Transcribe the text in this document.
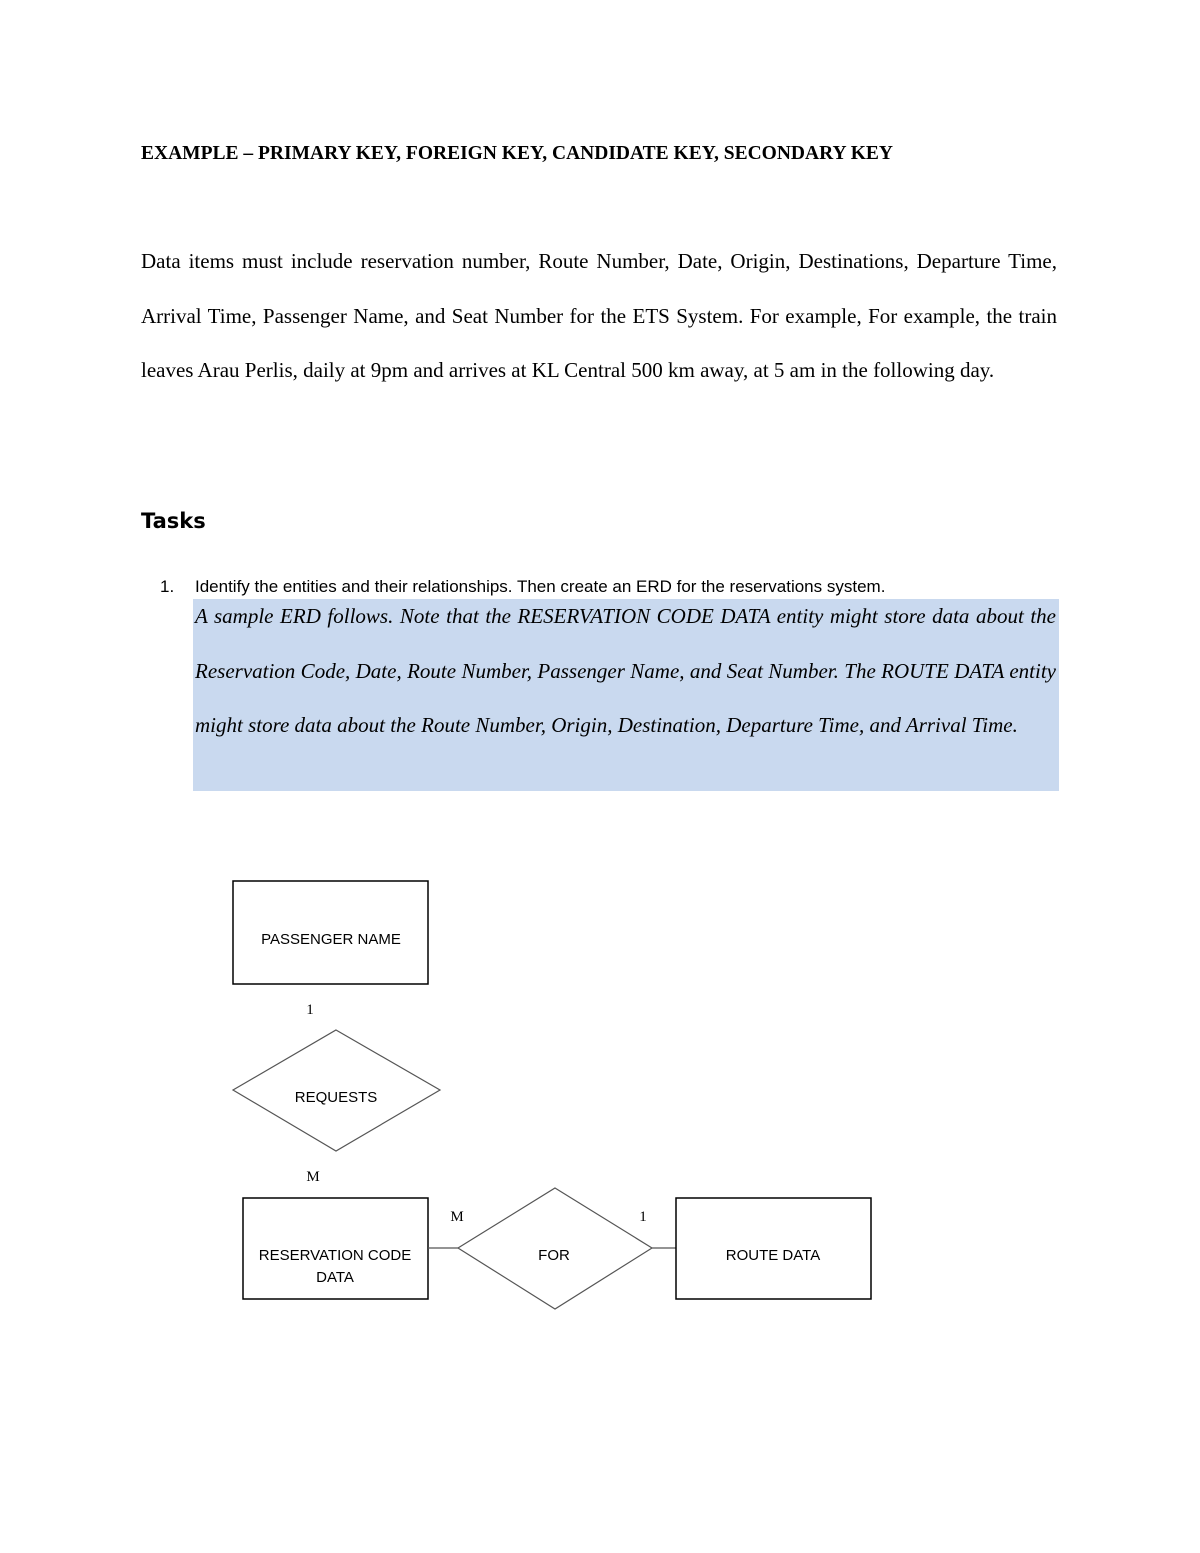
EXAMPLE – PRIMARY KEY, FOREIGN KEY, CANDIDATE KEY, SECONDARY KEY

Data items must include reservation number, Route Number, Date, Origin, Destinations, Departure Time, Arrival Time, Passenger Name, and Seat Number for the ETS System. For example, For example, the train leaves Arau Perlis, daily at 9pm and arrives at KL Central 500 km away, at 5 am in the following day.

Tasks
1. Identify the entities and their relationships. Then create an ERD for the reservations system.

A sample ERD follows. Note that the RESERVATION CODE DATA entity might store data about the Reservation Code, Date, Route Number, Passenger Name, and Seat Number. The ROUTE DATA entity might store data about the Route Number, Origin, Destination, Departure Time, and Arrival Time.

PASSENGER NAME
1
REQUESTS
M
RESERVATION CODE
DATA
M
FOR
1
ROUTE DATA
